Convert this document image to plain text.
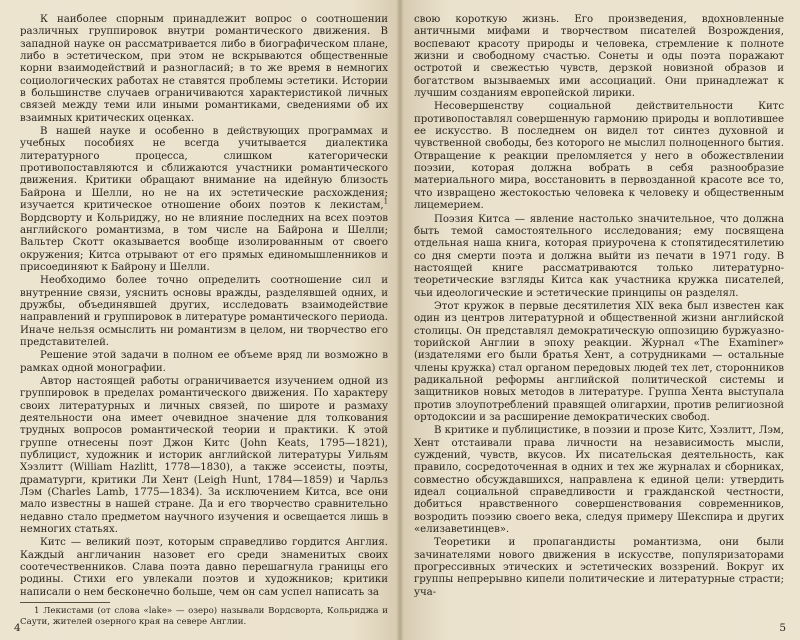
К наиболее спорным принадлежит вопрос о соотношении различных группировок внутри романтического движения. В западной науке он рассматривается либо в биографическом плане, либо в эстетическом, при этом не вскрываются общественные корни взаимодействий и разногласий; в то же время в немногих социологических работах не ставятся проблемы эстетики. Истории в большинстве случаев ограничиваются характеристикой личных связей между теми или иными романтиками, сведениями об их взаимных критических оценках.

В нашей науке и особенно в действующих программах и учебных пособиях не всегда учитывается диалектика литературного процесса, слишком категорически противопоставляются и сближаются участники романтического движения. Критики обращают внимание на идейную близость Байрона и Шелли, но не на их эстетические расхождения; изучается критическое отношение обоих поэтов к лекистам,$^1$ Вордсворту и Кольриджу, но не влияние последних на всех поэтов английского романтизма, в том числе на Байрона и Шелли; Вальтер Скотт оказывается вообще изолированным от своего окружения; Китса отрывают от его прямых единомышленников и присоединяют к Байрону и Шелли.

Необходимо более точно определить соотношение сил и внутренние связи, уяснить основы вражды, разделявшей одних, и дружбы, объединявшей других, исследовать взаимодействие направлений и группировок в литературе романтического периода. Иначе нельзя осмыслить ни романтизм в целом, ни творчество его представителей.

Решение этой задачи в полном ее объеме вряд ли возможно в рамках одной монографии.

Автор настоящей работы ограничивается изучением одной из группировок в пределах романтического движения. По характеру своих литературных и личных связей, по широте и размаху деятельности она имеет очевидное значение для толкования трудных вопросов романтической теории и практики. К этой группе отнесены поэт Джон Китс (John Keats, 1795—1821), публицист, художник и историк английской литературы Уильям Хэзлитт (William Hazlitt, 1778—1830), а также эссеисты, поэты, драматурги, критики Ли Хент (Leigh Hunt, 1784—1859) и Чарльз Лэм (Charles Lamb, 1775—1834). За исключением Китса, все они мало известны в нашей стране. Да и его творчество сравнительно недавно стало предметом научного изучения и освещается лишь в немногих статьях.

Китс — великий поэт, которым справедливо гордится Англия. Каждый англичанин назовет его среди знаменитых своих соотечественников. Слава поэта давно перешагнула границы его родины. Стихи его увлекали поэтов и художников; критики написали о нем бесконечно больше, чем он сам успел написать за

1 Лекистами (от слова «lake» — озеро) называли Вордсворта, Кольриджа и Саути, жителей озерного края на севере Англии.

4

свою короткую жизнь. Его произведения, вдохновленные античными мифами и творчеством писателей Возрождения, воспевают красоту природы и человека, стремление к полноте жизни и свободному счастью. Сонеты и оды поэта поражают остротой и свежестью чувств, дерзкой новизной образов и богатством вызываемых ими ассоциаций. Они принадлежат к лучшим созданиям европейской лирики.

Несовершенству социальной действительности Китс противопоставлял совершенную гармонию природы и воплотившее ее искусство. В последнем он видел тот синтез духовной и чувственной свободы, без которого не мыслил полноценного бытия. Отвращение к реакции преломляется у него в обожествлении поэзии, которая должна вобрать в себя разнообразие материального мира, восстановить в первозданной красоте все то, что извращено жестокостью человека к человеку и общественным лицемерием.

Поэзия Китса — явление настолько значительное, что должна быть темой самостоятельного исследования; ему посвящена отдельная наша книга, которая приурочена к стопятидесятилетию со дня смерти поэта и должна выйти из печати в 1971 году. В настоящей книге рассматриваются только литературно-теоретические взгляды Китса как участника кружка писателей, чьи идеологические и эстетические принципы он разделял.

Этот кружок в первые десятилетия XIX века был известен как один из центров литературной и общественной жизни английской столицы. Он представлял демократическую оппозицию буржуазно-торийской Англии в эпоху реакции. Журнал «The Examiner» (издателями его были братья Хент, а сотрудниками — остальные члены кружка) стал органом передовых людей тех лет, сторонников радикальной реформы английской политической системы и защитников новых методов в литературе. Группа Хента выступала против злоупотреблений правящей олигархии, против религиозной ортодоксии и за расширение демократических свобод.

В критике и публицистике, в поэзии и прозе Китс, Хэзлитт, Лэм, Хент отстаивали права личности на независимость мысли, суждений, чувств, вкусов. Их писательская деятельность, как правило, сосредоточенная в одних и тех же журналах и сборниках, совместно обсуждавшихся, направлена к единой цели: утвердить идеал социальной справедливости и гражданской честности, добиться нравственного совершенствования современников, возродить поэзию своего века, следуя примеру Шекспира и других «елизаветинцев».

Теоретики и пропагандисты романтизма, они были зачинателями нового движения в искусстве, популяризаторами прогрессивных этических и эстетических воззрений. Вокруг их группы непрерывно кипели политические и литературные страсти; уча-

5
